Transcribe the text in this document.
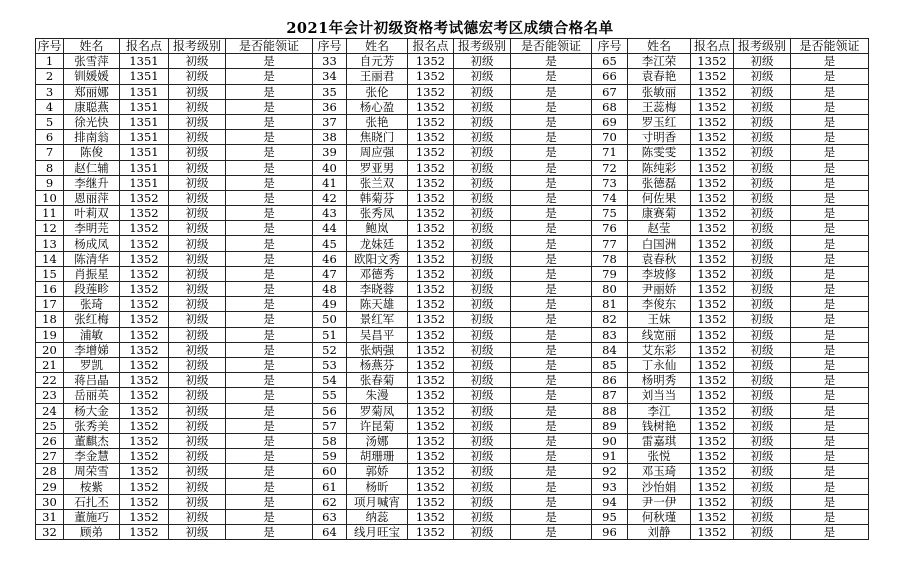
2021年会计初级资格考试德宏考区成绩合格名单
序号	姓名	报名点	报考级别	是否能领证	序号	姓名	报名点	报考级别	是否能领证	序号	姓名	报名点	报考级别	是否能领证
1	张雪萍	1351	初级	是	33	自元芳	1352	初级	是	65	李江荣	1352	初级	是
2	钏媛媛	1351	初级	是	34	王丽君	1352	初级	是	66	袁春艳	1352	初级	是
3	郑丽娜	1351	初级	是	35	张伦	1352	初级	是	67	张敏丽	1352	初级	是
4	康聪燕	1351	初级	是	36	杨心盈	1352	初级	是	68	王蕊梅	1352	初级	是
5	徐光快	1351	初级	是	37	张艳	1352	初级	是	69	罗玉红	1352	初级	是
6	排南翁	1351	初级	是	38	焦晓门	1352	初级	是	70	寸明香	1352	初级	是
7	陈俊	1351	初级	是	39	周应强	1352	初级	是	71	陈雯雯	1352	初级	是
8	赵仁辅	1351	初级	是	40	罗亚男	1352	初级	是	72	陈纯彩	1352	初级	是
9	李继升	1351	初级	是	41	张兰双	1352	初级	是	73	张德磊	1352	初级	是
10	恩丽萍	1352	初级	是	42	韩菊芬	1352	初级	是	74	何佐果	1352	初级	是
11	叶莉双	1352	初级	是	43	张秀凤	1352	初级	是	75	康赛菊	1352	初级	是
12	李明芫	1352	初级	是	44	鲍岚	1352	初级	是	76	赵莹	1352	初级	是
13	杨成凤	1352	初级	是	45	龙妹廷	1352	初级	是	77	白国洲	1352	初级	是
14	陈清华	1352	初级	是	46	欧阳文秀	1352	初级	是	78	袁春秋	1352	初级	是
15	肖振星	1352	初级	是	47	邓德秀	1352	初级	是	79	李坡修	1352	初级	是
16	段莲畛	1352	初级	是	48	李晓蓉	1352	初级	是	80	尹丽娇	1352	初级	是
17	张琦	1352	初级	是	49	陈天雄	1352	初级	是	81	李俊东	1352	初级	是
18	张红梅	1352	初级	是	50	景红军	1352	初级	是	82	王妹	1352	初级	是
19	浦敏	1352	初级	是	51	吴昌平	1352	初级	是	83	线宽丽	1352	初级	是
20	李增娣	1352	初级	是	52	张炳强	1352	初级	是	84	艾东彩	1352	初级	是
21	罗凯	1352	初级	是	53	杨燕芬	1352	初级	是	85	丁永仙	1352	初级	是
22	蒋吕晶	1352	初级	是	54	张春菊	1352	初级	是	86	杨明秀	1352	初级	是
23	岳丽英	1352	初级	是	55	朱漫	1352	初级	是	87	刘当当	1352	初级	是
24	杨大金	1352	初级	是	56	罗菊凤	1352	初级	是	88	李江	1352	初级	是
25	张秀美	1352	初级	是	57	许昆菊	1352	初级	是	89	钱树艳	1352	初级	是
26	董麒杰	1352	初级	是	58	汤娜	1352	初级	是	90	雷嘉琪	1352	初级	是
27	李金慧	1352	初级	是	59	胡珊珊	1352	初级	是	91	张悦	1352	初级	是
28	周荣雪	1352	初级	是	60	郭娇	1352	初级	是	92	邓玉琦	1352	初级	是
29	桉紫	1352	初级	是	61	杨昕	1352	初级	是	93	沙怡娟	1352	初级	是
30	石扎丕	1352	初级	是	62	项月喊宵	1352	初级	是	94	尹一伊	1352	初级	是
31	董施巧	1352	初级	是	63	纳蕊	1352	初级	是	95	何秋瑾	1352	初级	是
32	顾弟	1352	初级	是	64	线月旺宝	1352	初级	是	96	刘静	1352	初级	是
